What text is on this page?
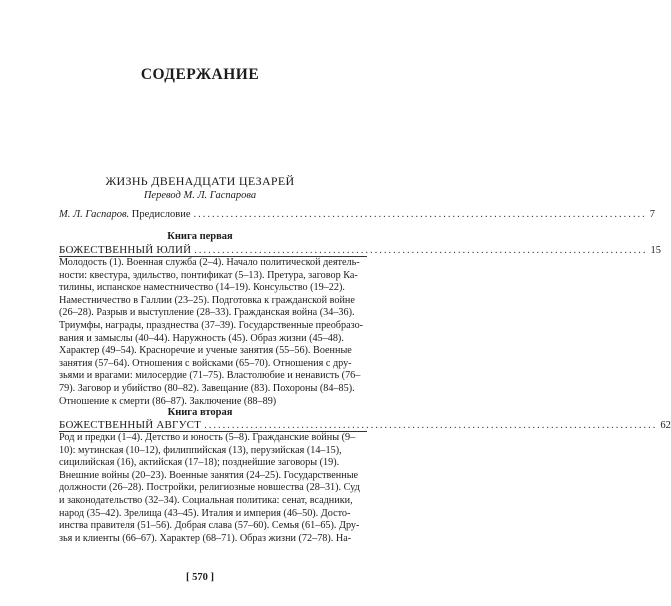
СОДЕРЖАНИЕ
ЖИЗНЬ ДВЕНАДЦАТИ ЦЕЗАРЕЙ
Перевод М. Л. Гаспарова
М. Л. Гаспаров. Предисловие .................................................................................................. 7
Книга первая
БОЖЕСТВЕННЫЙ ЮЛИЙ .................................................................................................. 15
Молодость (1). Военная служба (2–4). Начало политической деятель-
ности: квестура, эдильство, понтификат (5–13). Претура, заговор Ка-
тилины, испанское наместничество (14–19). Консульство (19–22).
Наместничество в Галлии (23–25). Подготовка к гражданской войне
(26–28). Разрыв и выступление (28–33). Гражданская война (34–36).
Триумфы, награды, празднества (37–39). Государственные преобразо-
вания и замыслы (40–44). Наружность (45). Образ жизни (45–48).
Характер (49–54). Красноречие и ученые занятия (55–56). Военные
занятия (57–64). Отношения с войсками (65–70). Отношения с дру-
зьями и врагами: милосердие (71–75). Властолюбие и ненависть (76–
79). Заговор и убийство (80–82). Завещание (83). Похороны (84–85).
Отношение к смерти (86–87). Заключение (88–89)
Книга вторая
БОЖЕСТВЕННЫЙ АВГУСТ .................................................................................................. 62
Род и предки (1–4). Детство и юность (5–8). Гражданские войны (9–
10): мутинская (10–12), филиппийская (13), перузийская (14–15),
сицилийская (16), актийская (17–18); позднейшие заговоры (19).
Внешние войны (20–23). Военные занятия (24–25). Государственные
должности (26–28). Постройки, религиозные новшества (28–31). Суд
и законодательство (32–34). Социальная политика: сенат, всадники,
народ (35–42). Зрелища (43–45). Италия и империя (46–50). Досто-
инства правителя (51–56). Добрая слава (57–60). Семья (61–65). Дру-
зья и клиенты (66–67). Характер (68–71). Образ жизни (72–78). На-
[ 570 ]
